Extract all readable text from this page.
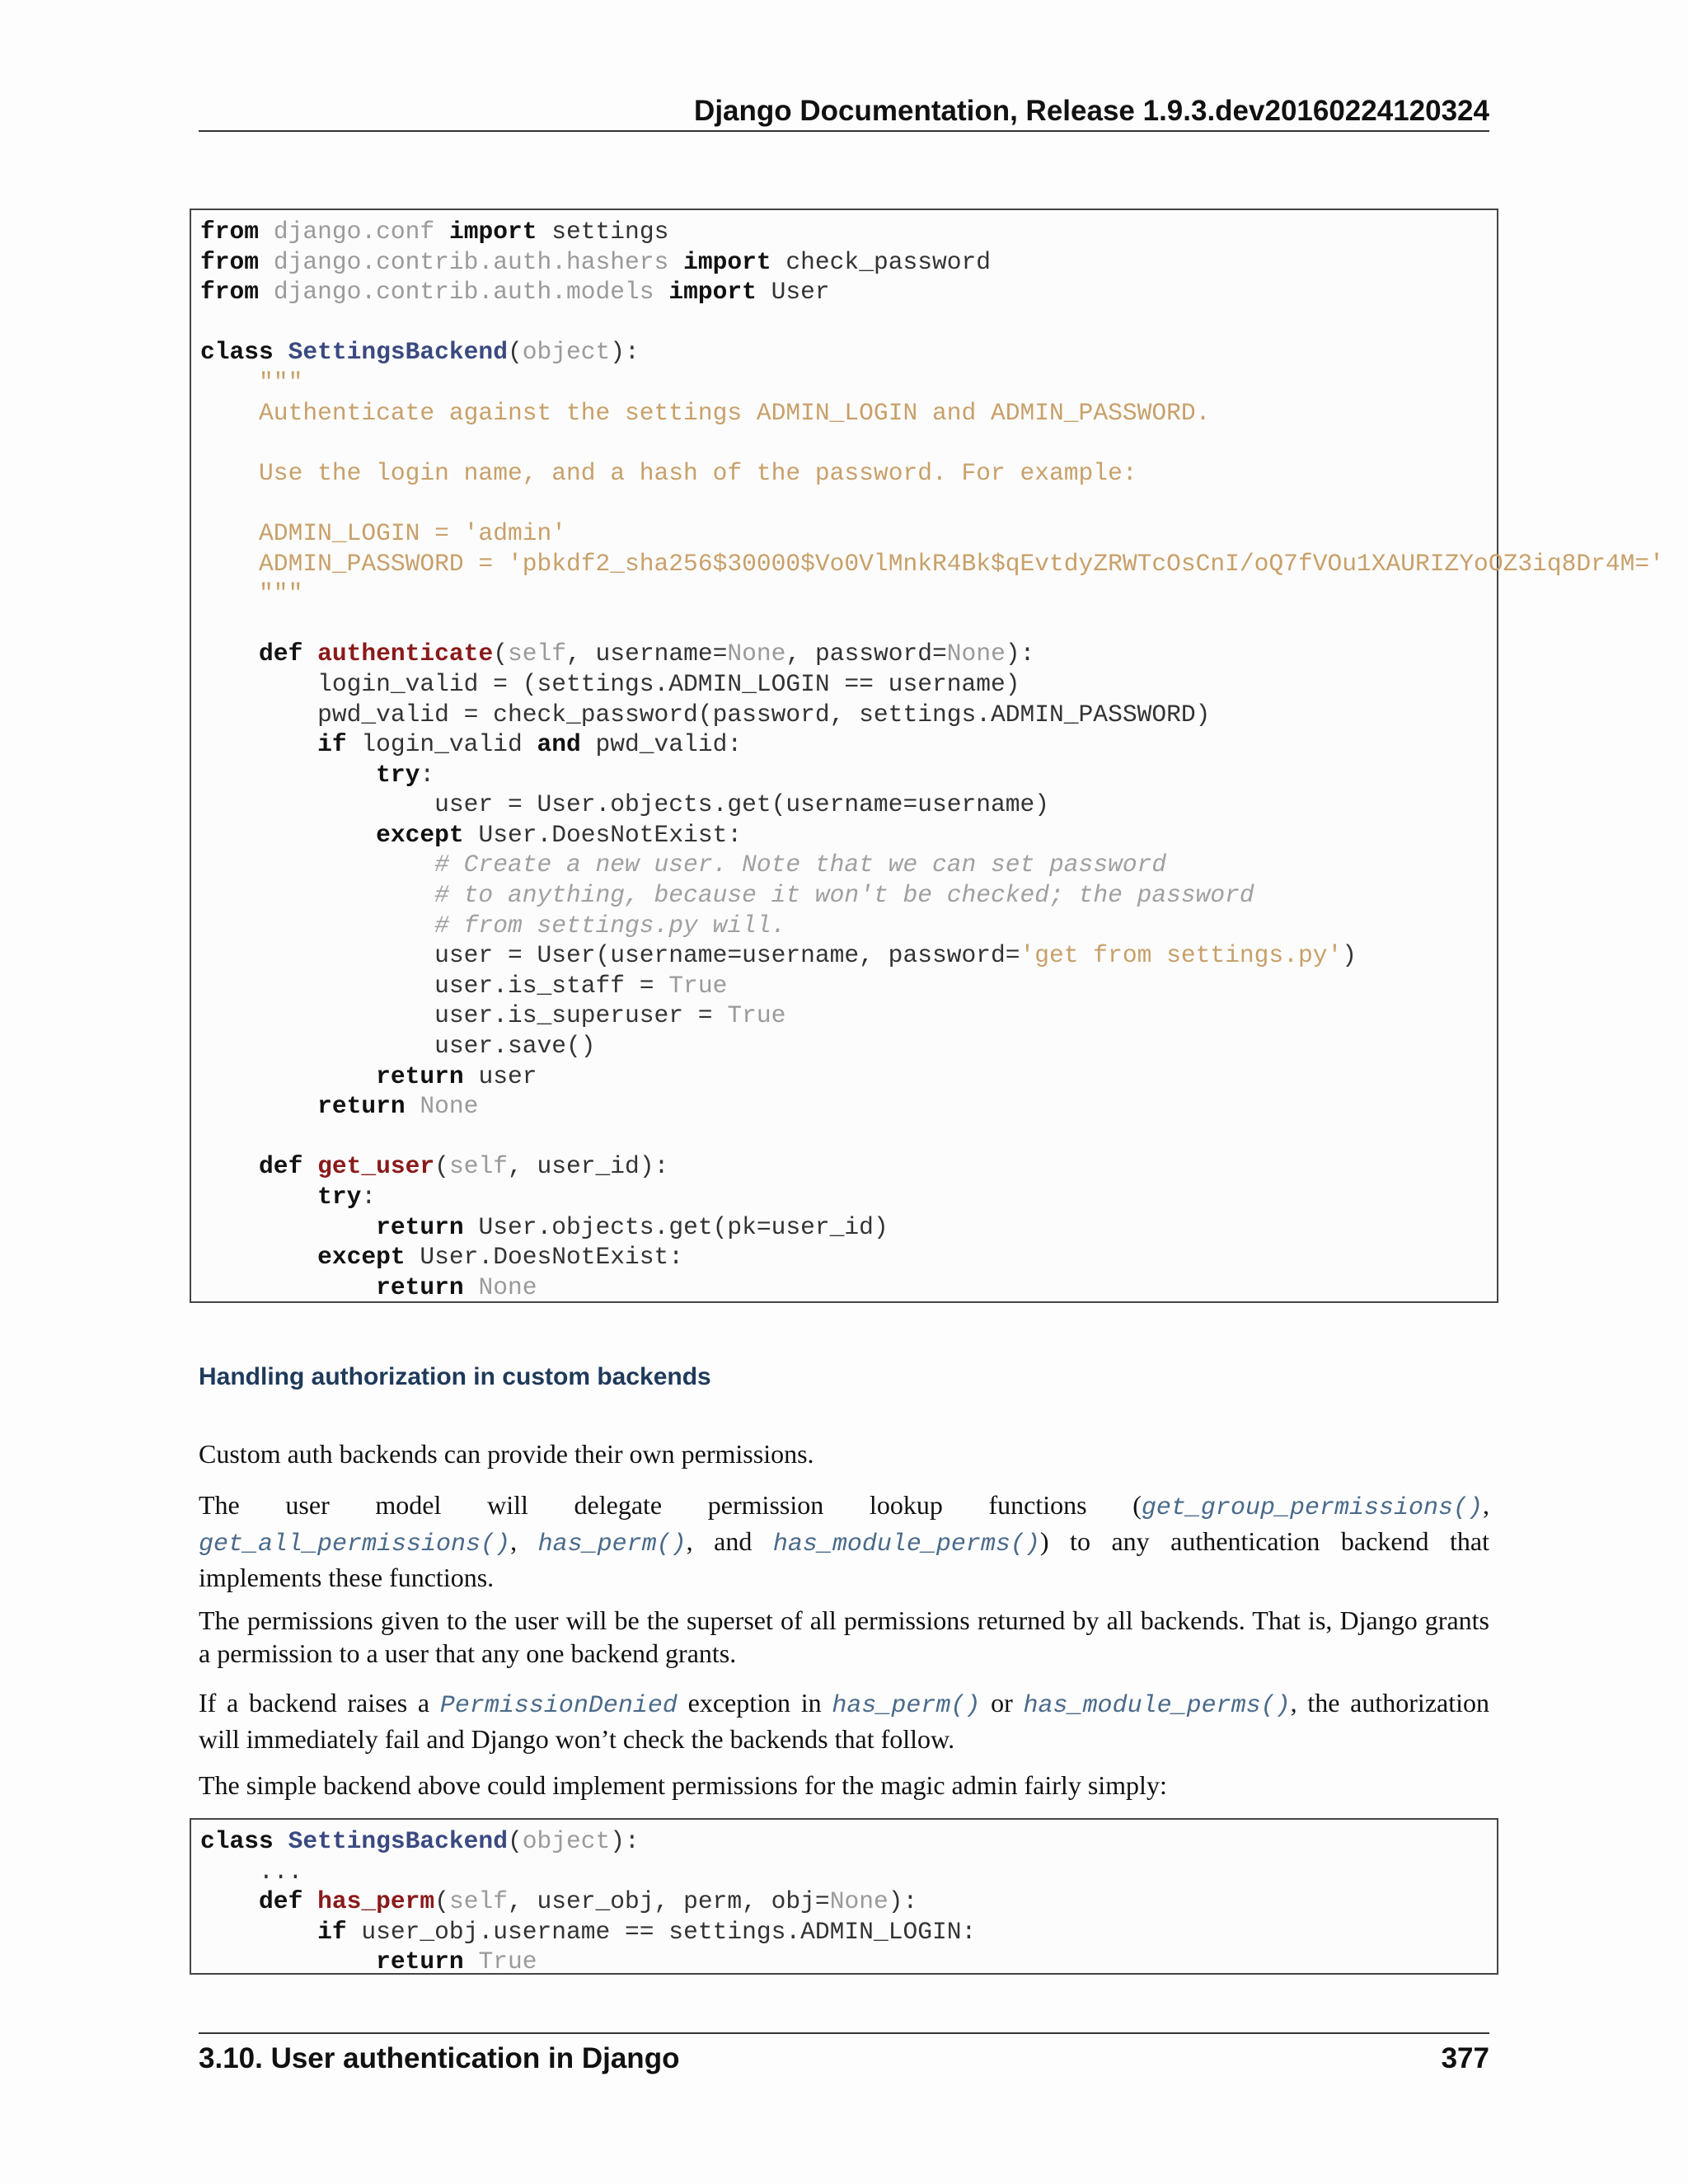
Django Documentation, Release 1.9.3.dev20160224120324
from django.conf import settings
from django.contrib.auth.hashers import check_password
from django.contrib.auth.models import User
class SettingsBackend(object):
"""
Authenticate against the settings ADMIN_LOGIN and ADMIN_PASSWORD.
Use the login name, and a hash of the password. For example:
ADMIN_LOGIN = 'admin'
ADMIN_PASSWORD = 'pbkdf2_sha256$30000$Vo0VlMnkR4Bk$qEvtdyZRWTcOsCnI/oQ7fVOu1XAURIZYoOZ3iq8Dr4M='
"""
def authenticate(self, username=None, password=None):
login_valid = (settings.ADMIN_LOGIN == username)
pwd_valid = check_password(password, settings.ADMIN_PASSWORD)
if login_valid and pwd_valid:
try:
user = User.objects.get(username=username)
except User.DoesNotExist:
# Create a new user. Note that we can set password
# to anything, because it won't be checked; the password
# from settings.py will.
user = User(username=username, password='get from settings.py')
user.is_staff = True
user.is_superuser = True
user.save()
return user
return None
def get_user(self, user_id):
try:
return User.objects.get(pk=user_id)
except User.DoesNotExist:
return None
Handling authorization in custom backends
Custom auth backends can provide their own permissions.
The user model will delegate permission lookup functions (get_group_permissions(), get_all_permissions(), has_perm(), and has_module_perms()) to any authentication backend that implements these functions.
The permissions given to the user will be the superset of all permissions returned by all backends. That is, Django grants a permission to a user that any one backend grants.
If a backend raises a PermissionDenied exception in has_perm() or has_module_perms(), the authorization will immediately fail and Django won’t check the backends that follow.
The simple backend above could implement permissions for the magic admin fairly simply:
class SettingsBackend(object):
...
def has_perm(self, user_obj, perm, obj=None):
if user_obj.username == settings.ADMIN_LOGIN:
return True
3.10. User authentication in Django	377
